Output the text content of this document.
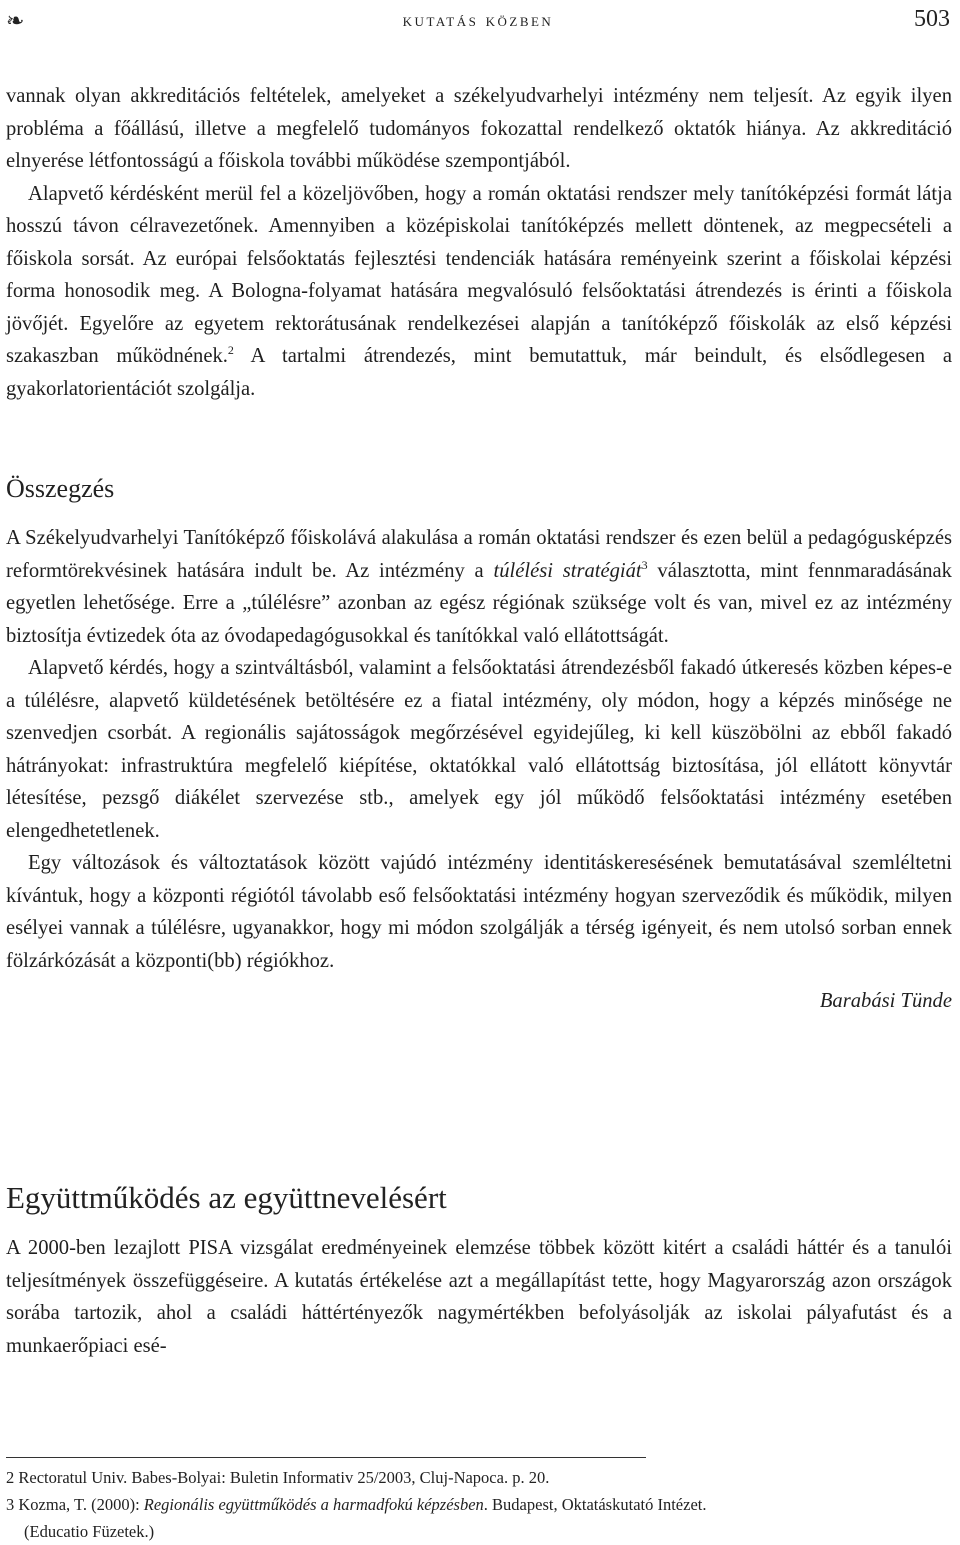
❧	kutatás közben	503

vannak olyan akkreditációs feltételek, amelyeket a székelyudvarhelyi intézmény nem teljesít. Az egyik ilyen probléma a főállású, illetve a megfelelő tudományos fokozattal rendelkező oktatók hiánya. Az akkreditáció elnyerése létfontosságú a főiskola további működése szempontjából.

Alapvető kérdésként merül fel a közeljövőben, hogy a román oktatási rendszer mely tanítóképzési formát látja hosszú távon célravezetőnek. Amennyiben a középiskolai tanítóképzés mellett döntenek, az megpecsételi a főiskola sorsát. Az európai felsőoktatás fejlesztési tendenciák hatására reményeink szerint a főiskolai képzési forma honosodik meg. A Bologna-folyamat hatására megvalósuló felsőoktatási átrendezés is érinti a főiskola jövőjét. Egyelőre az egyetem rektorátusának rendelkezései alapján a tanítóképző főiskolák az első képzési szakaszban működnének.$^2$ A tartalmi átrendezés, mint bemutattuk, már beindult, és elsődlegesen a gyakorlatorientációt szolgálja.

Összegzés

A Székelyudvarhelyi Tanítóképző főiskolává alakulása a román oktatási rendszer és ezen belül a pedagógusképzés reformtörekvésinek hatására indult be. Az intézmény a túlélési stratégiát$^3$ választotta, mint fennmaradásának egyetlen lehetősége. Erre a „túlélésre” azonban az egész régiónak szüksége volt és van, mivel ez az intézmény biztosítja évtizedek óta az óvodapedagógusokkal és tanítókkal való ellátottságát.

Alapvető kérdés, hogy a szintváltásból, valamint a felsőoktatási átrendezésből fakadó útkeresés közben képes-e a túlélésre, alapvető küldetésének betöltésére ez a fiatal intézmény, oly módon, hogy a képzés minősége ne szenvedjen csorbát. A regionális sajátosságok megőrzésével egyidejűleg, ki kell küszöbölni az ebből fakadó hátrányokat: infrastruktúra megfelelő kiépítése, oktatókkal való ellátottság biztosítása, jól ellátott könyvtár létesítése, pezsgő diákélet szervezése stb., amelyek egy jól működő felsőoktatási intézmény esetében elengedhetetlenek.

Egy változások és változtatások között vajúdó intézmény identitáskeresésének bemutatásával szemléltetni kívántuk, hogy a központi régiótól távolabb eső felsőoktatási intézmény hogyan szerveződik és működik, milyen esélyei vannak a túlélésre, ugyanakkor, hogy mi módon szolgálják a térség igényeit, és nem utolsó sorban ennek fölzárkózását a központi(bb) régiókhoz.

Barabási Tünde

Együttműködés az együttnevelésért

A 2000-ben lezajlott PISA vizsgálat eredményeinek elemzése többek között kitért a családi háttér és a tanulói teljesítmények összefüggéseire. A kutatás értékelése azt a megállapítást tette, hogy Magyarország azon országok sorába tartozik, ahol a családi háttértényezők nagymértékben befolyásolják az iskolai pályafutást és a munkaerőpiaci esé-

2 Rectoratul Univ. Babes-Bolyai: Buletin Informativ 25/2003, Cluj-Napoca. p. 20.

3 Kozma, T. (2000): Regionális együttműködés a harmadfokú képzésben. Budapest, Oktatáskutató Intézet.
(Educatio Füzetek.)
